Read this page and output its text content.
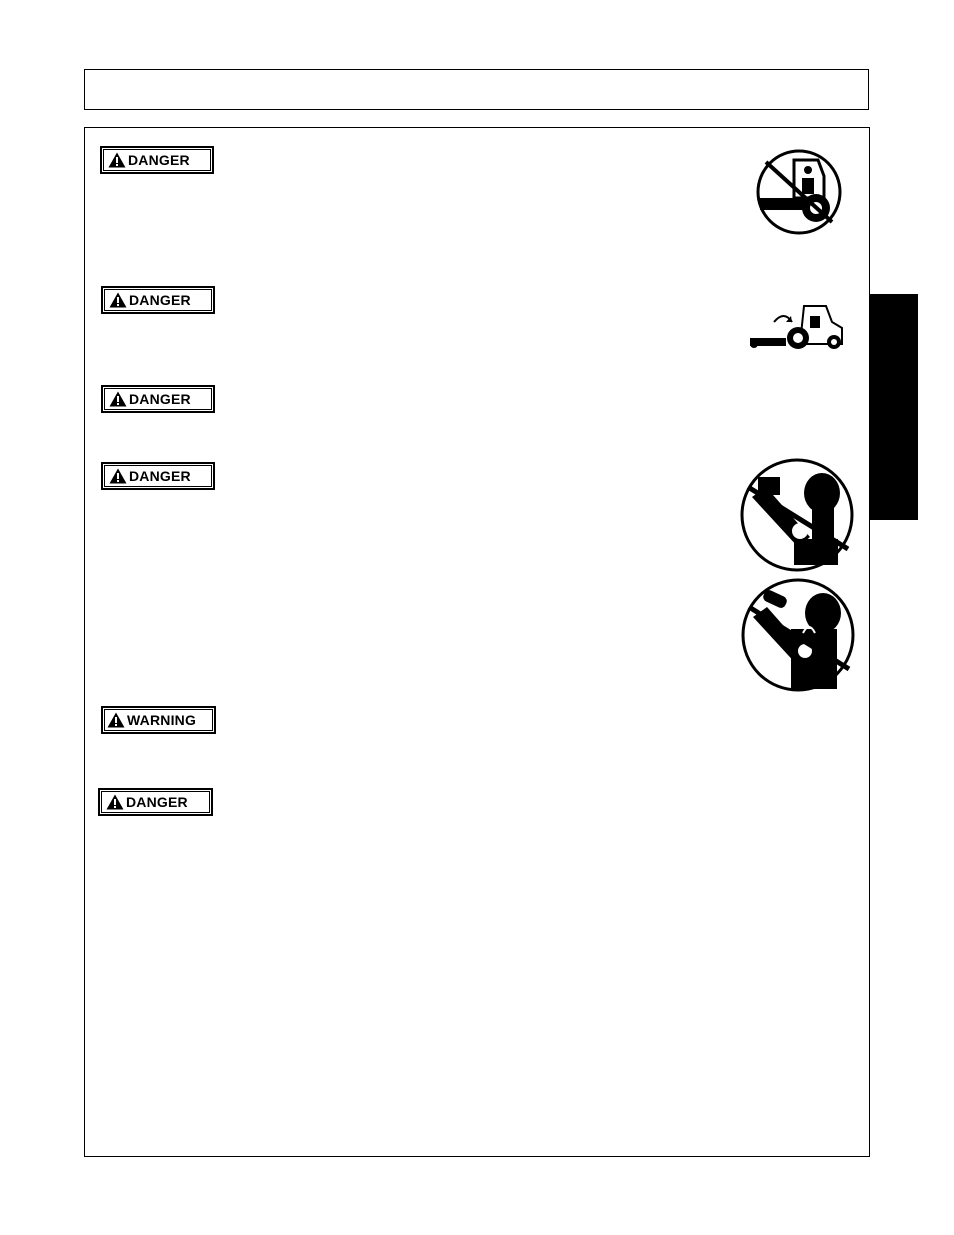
DANGER
DANGER
DANGER
DANGER
WARNING
DANGER
